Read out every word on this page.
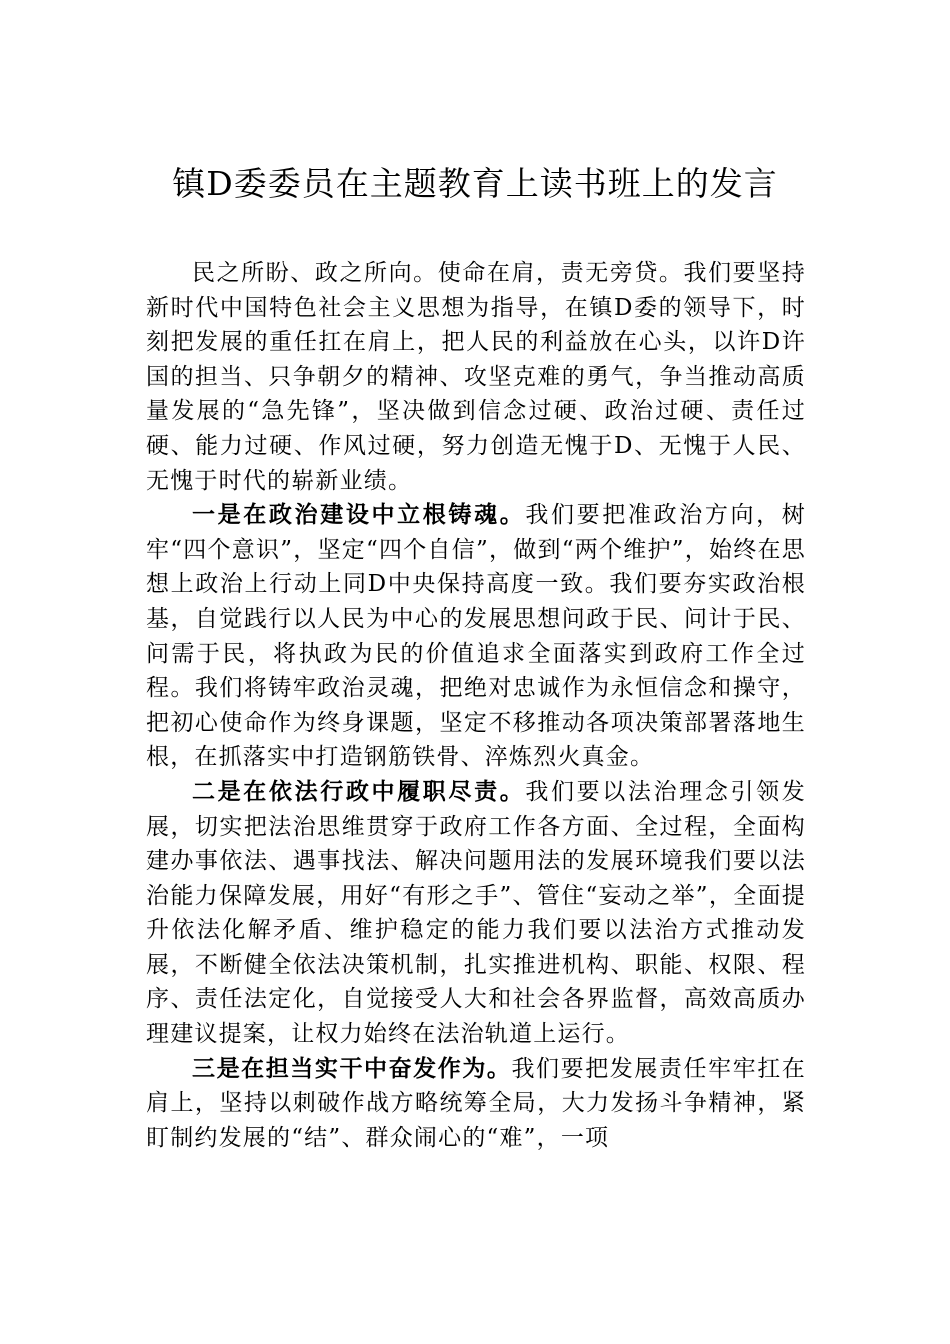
镇D委委员在主题教育上读书班上的发言

民之所盼、政之所向。使命在肩，责无旁贷。我们要坚持新时代中国特色社会主义思想为指导，在镇D委的领导下，时刻把发展的重任扛在肩上，把人民的利益放在心头，以许D许国的担当、只争朝夕的精神、攻坚克难的勇气，争当推动高质量发展的“急先锋”，坚决做到信念过硬、政治过硬、责任过硬、能力过硬、作风过硬，努力创造无愧于D、无愧于人民、无愧于时代的崭新业绩。

一是在政治建设中立根铸魂。我们要把准政治方向，树牢“四个意识”，坚定“四个自信”，做到“两个维护”，始终在思想上政治上行动上同D中央保持高度一致。我们要夯实政治根基，自觉践行以人民为中心的发展思想问政于民、问计于民、问需于民，将执政为民的价值追求全面落实到政府工作全过程。我们将铸牢政治灵魂，把绝对忠诚作为永恒信念和操守，把初心使命作为终身课题，坚定不移推动各项决策部署落地生根，在抓落实中打造钢筋铁骨、淬炼烈火真金。

二是在依法行政中履职尽责。我们要以法治理念引领发展，切实把法治思维贯穿于政府工作各方面、全过程，全面构建办事依法、遇事找法、解决问题用法的发展环境我们要以法治能力保障发展，用好“有形之手”、管住“妄动之举”，全面提升依法化解矛盾、维护稳定的能力我们要以法治方式推动发展，不断健全依法决策机制，扎实推进机构、职能、权限、程序、责任法定化，自觉接受人大和社会各界监督，高效高质办理建议提案，让权力始终在法治轨道上运行。

三是在担当实干中奋发作为。我们要把发展责任牢牢扛在肩上，坚持以刺破作战方略统筹全局，大力发扬斗争精神，紧盯制约发展的“结”、群众闹心的“难”，一项
